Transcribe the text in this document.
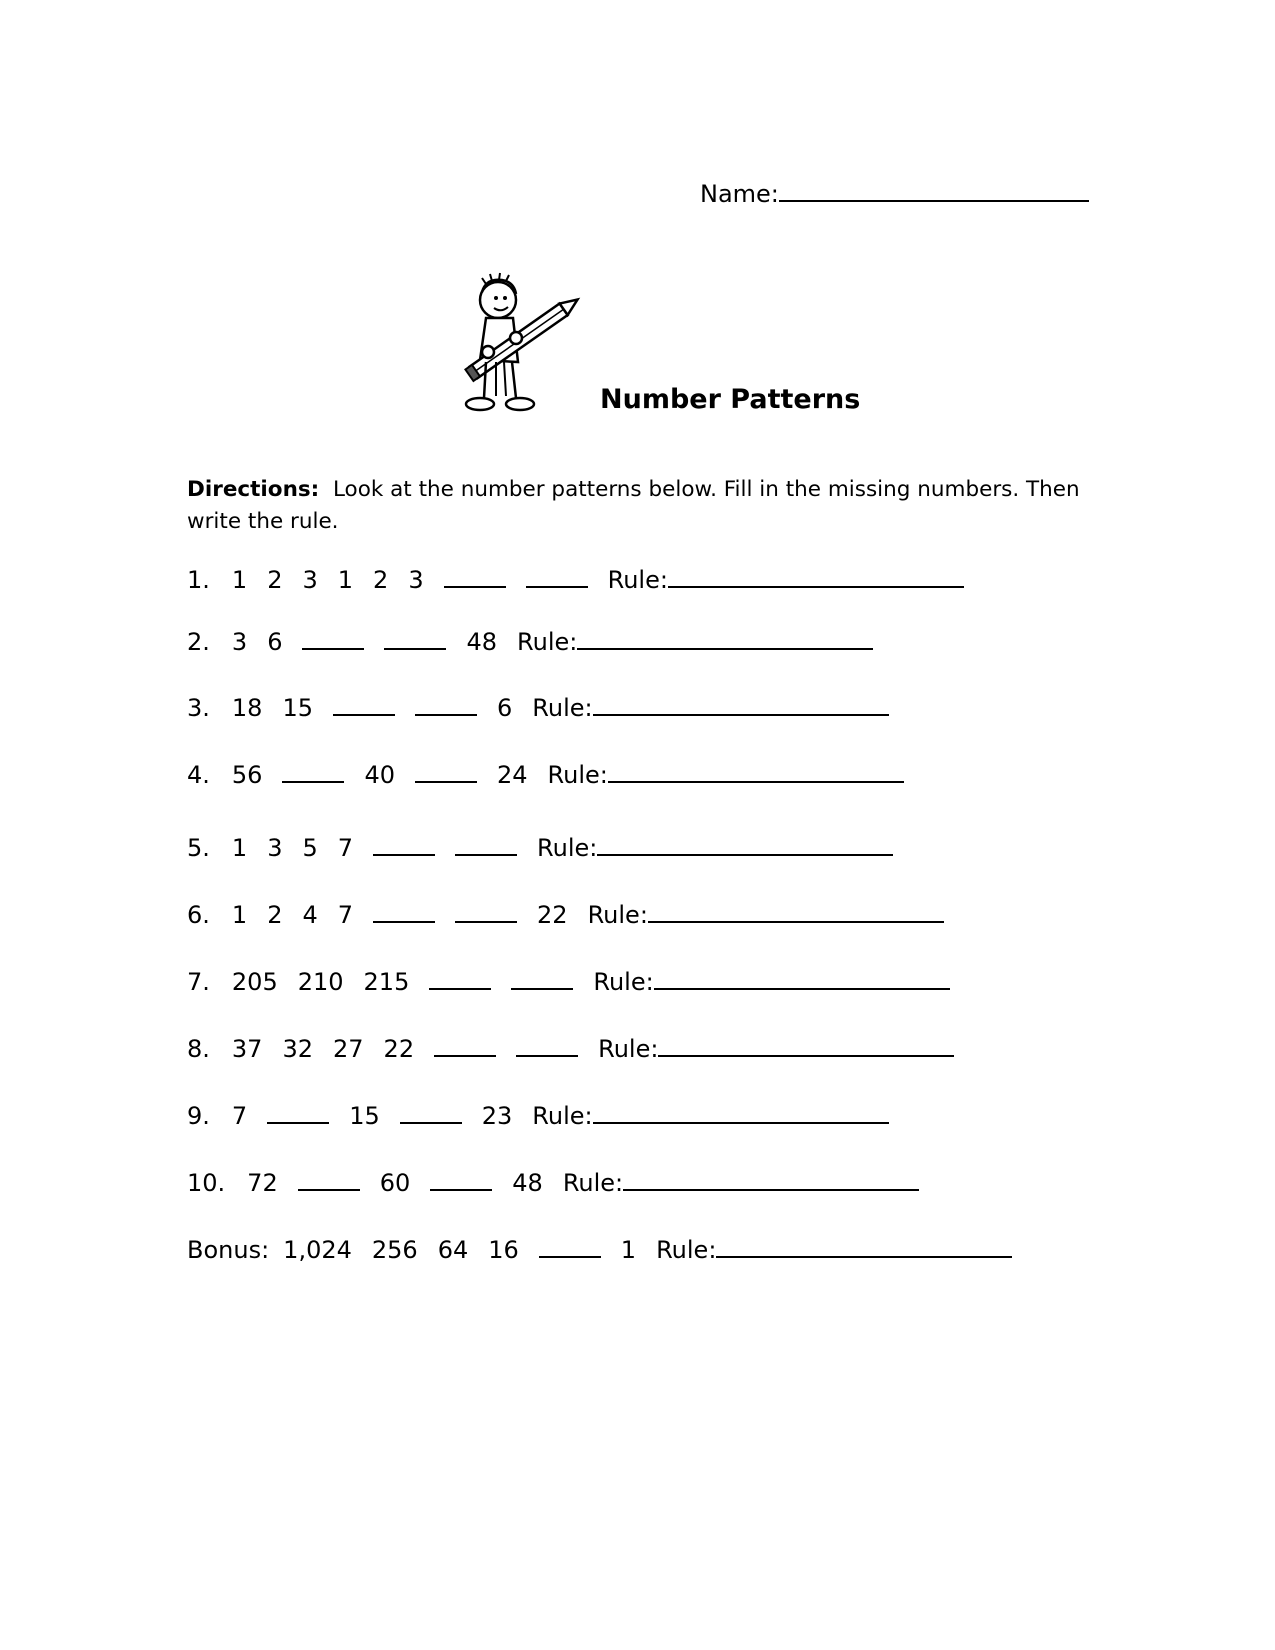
Name:
Number Patterns
Directions: Look at the number patterns below. Fill in the missing numbers. Then write the rule.
1. 1 2 3 1 2 3	Rule:
2. 3 6	48 Rule:
3. 18 15	6 Rule:
4. 56	40	24 Rule:
5. 1 3 5 7	Rule:
6. 1 2 4 7	22 Rule:
7. 205 210 215	Rule:
8. 37 32 27 22	Rule:
9. 7	15	23 Rule:
10. 72	60	48 Rule:
Bonus: 1,024 256 64 16	1 Rule:
